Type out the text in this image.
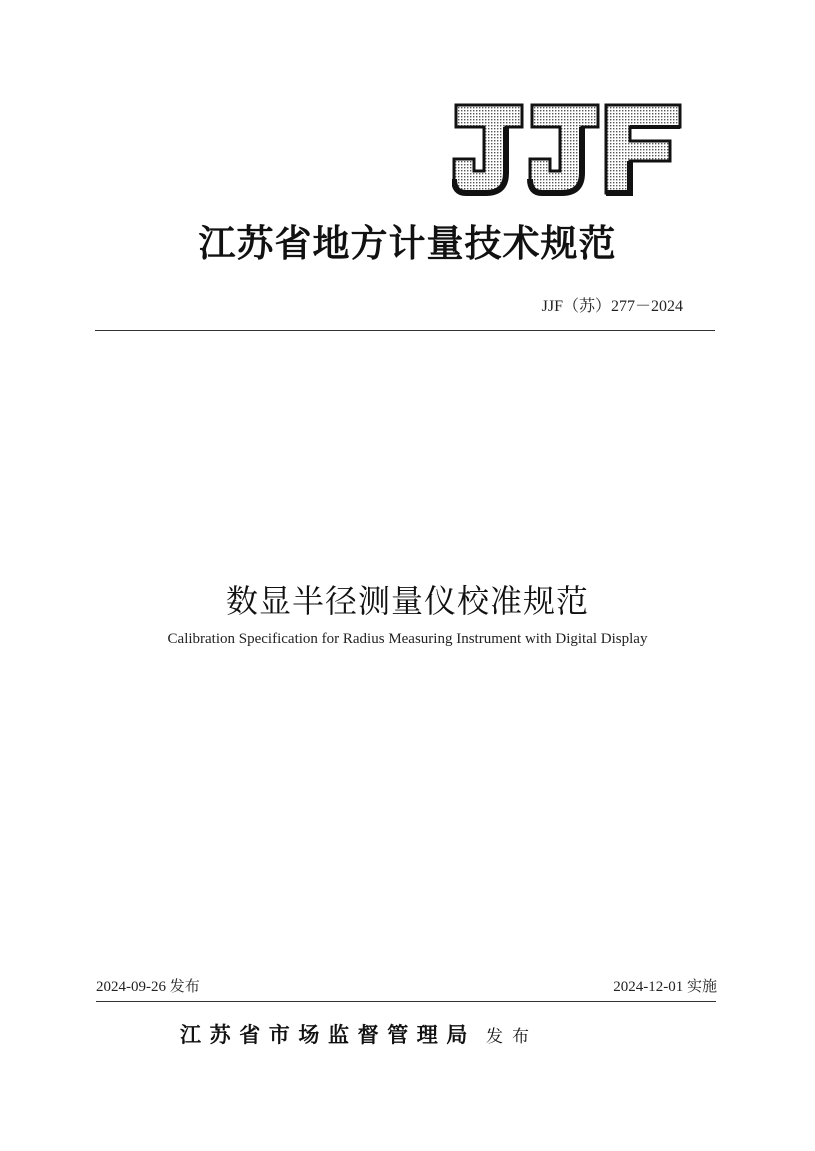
江苏省地方计量技术规范
JJF（苏）277－2024
数显半径测量仪校准规范
Calibration Specification for Radius Measuring Instrument with Digital Display
2024-09-26 发布	2024-12-01 实施
江苏省市场监督管理局 发布
